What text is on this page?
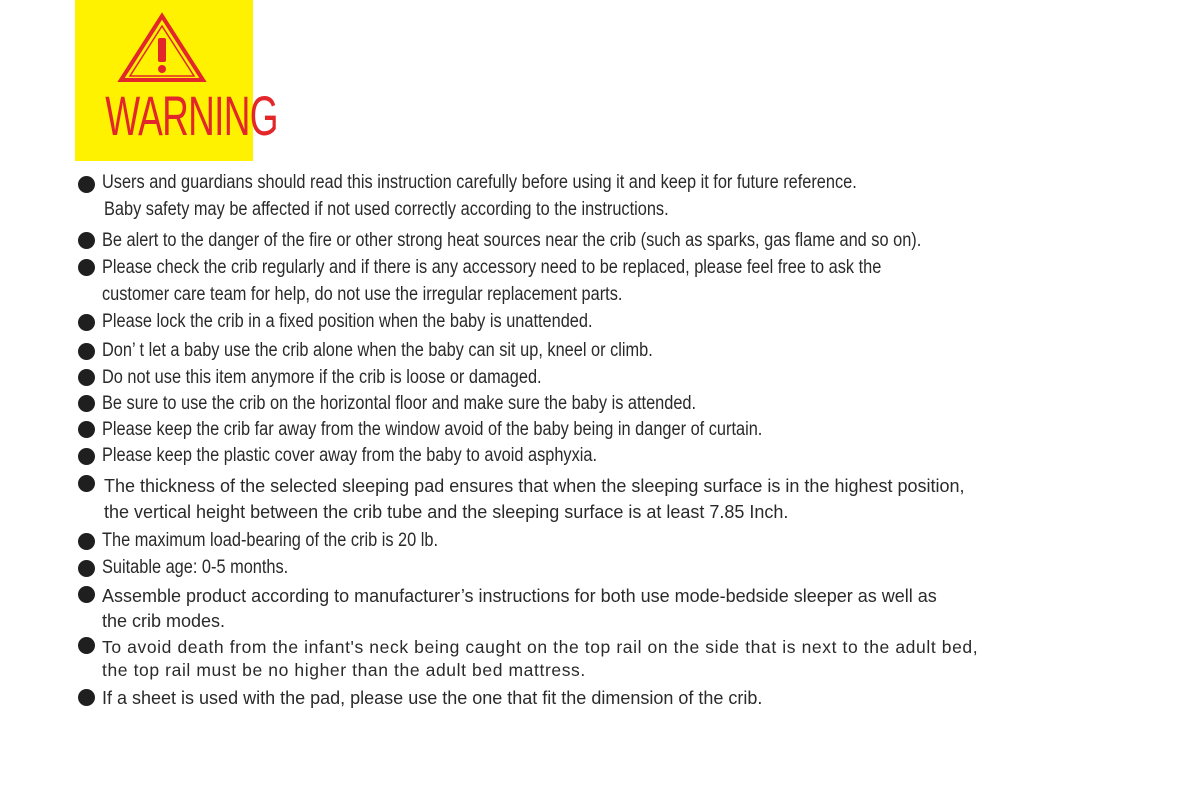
WARNING
Users and guardians should read this instruction carefully before using it and keep it for future reference.
Baby safety may be affected if not used correctly according to the instructions.
Be alert to the danger of the fire or other strong heat sources near the crib (such as sparks, gas flame and so on).
Please check the crib regularly and if there is any accessory need to be replaced, please feel free to ask the
customer care team for help, do not use the irregular replacement parts.
Please lock the crib in a fixed position when the baby is unattended.
Don’ t let a baby use the crib alone when the baby can sit up, kneel or climb.
Do not use this item anymore if the crib is loose or damaged.
Be sure to use the crib on the horizontal floor and make sure the baby is attended.
Please keep the crib far away from the window avoid of the baby being in danger of curtain.
Please keep the plastic cover away from the baby to avoid asphyxia.
The thickness of the selected sleeping pad ensures that when the sleeping surface is in the highest position,
the vertical height between the crib tube and the sleeping surface is at least 7.85 Inch.
The maximum load-bearing of the crib is 20 lb.
Suitable age: 0-5 months.
Assemble product according to manufacturer’s instructions for both use mode-bedside sleeper as well as
the crib modes.
To avoid death from the infant's neck being caught on the top rail on the side that is next to the adult bed,
the top rail must be no higher than the adult bed mattress.
If a sheet is used with the pad, please use the one that fit the dimension of the crib.
